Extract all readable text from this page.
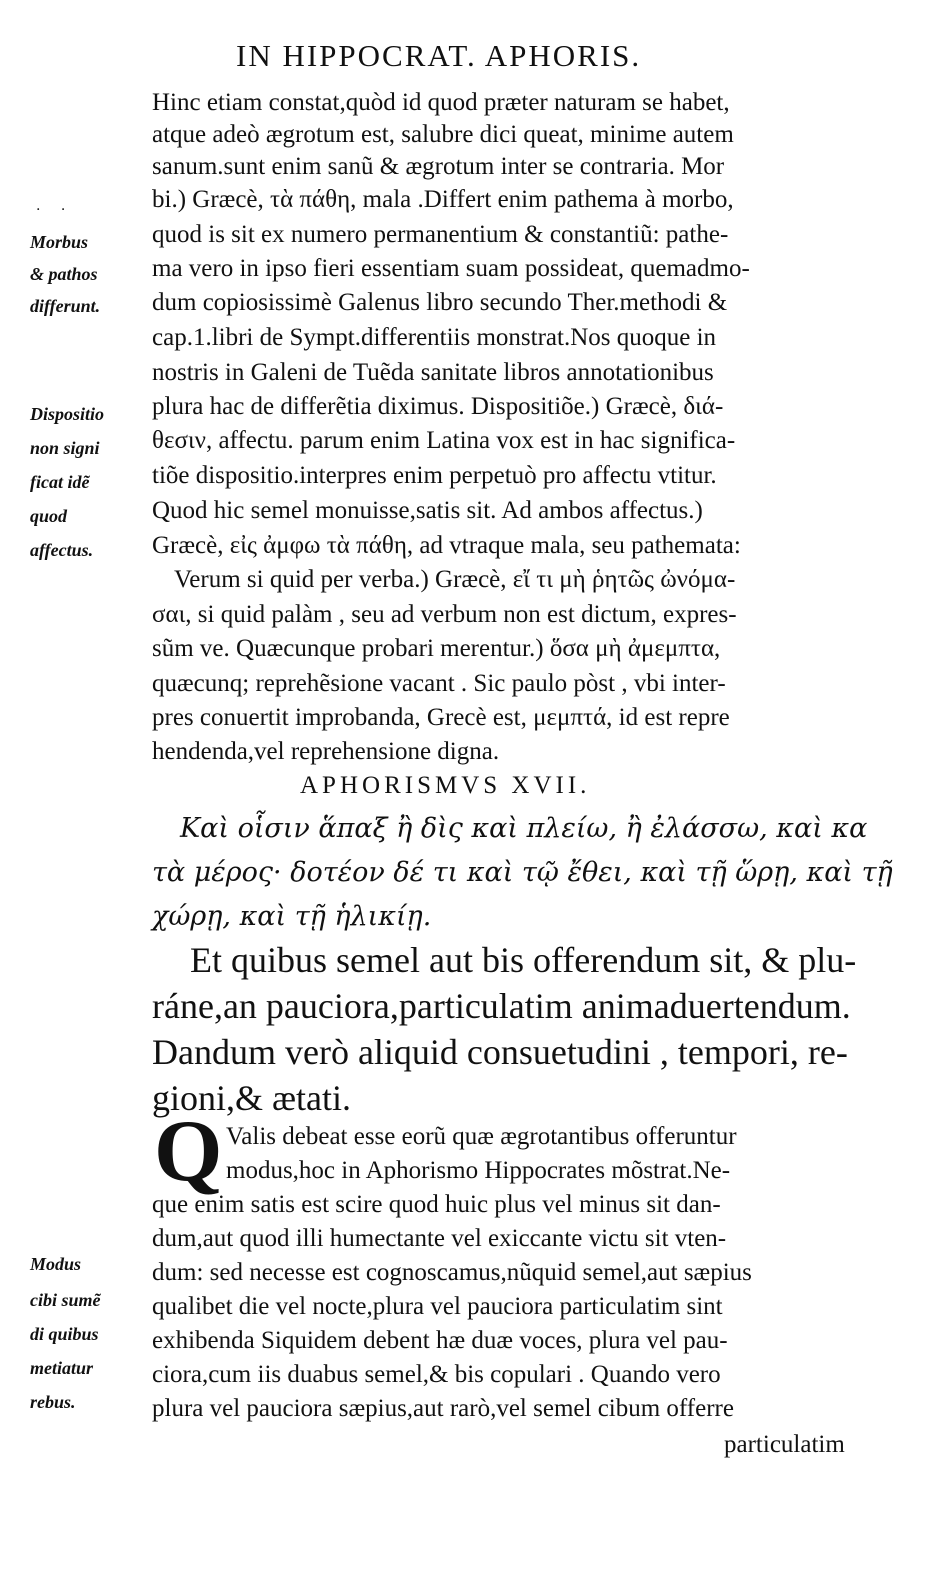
IN HIPPOCRAT. APHORIS.
. .
Hinc etiam constat,quòd id quod præter naturam se habet,
atque adeò ægrotum est, salubre dici queat, minime autem
sanum.sunt enim sanũ & ægrotum inter se contraria. Mor
bi.) Græcè, τὰ πάθη, mala .Differt enim pathema à morbo,
quod is sit ex numero permanentium & constantiũ: pathe-
ma vero in ipso fieri essentiam suam possideat, quemadmo-
dum copiosissimè Galenus libro secundo Ther.methodi &
cap.1.libri de Sympt.differentiis monstrat.Nos quoque in
nostris in Galeni de Tuẽda sanitate libros annotationibus
plura hac de differẽtia diximus. Dispositiõe.) Græcè, διά-
θεσιν, affectu. parum enim Latina vox est in hac significa-
tiõe dispositio.interpres enim perpetuò pro affectu vtitur.
Quod hic semel monuisse,satis sit. Ad ambos affectus.)
Græcè, εἰς ἀμφω τὰ πάθη, ad vtraque mala, seu pathemata:
Verum si quid per verba.) Græcè, εἴ τι μὴ ῥητῶς ὠνόμα-
σαι, si quid palàm , seu ad verbum non est dictum, expres-
sũm ve. Quæcunque probari merentur.) ὅσα μὴ ἀμεμπτα,
quæcunq; reprehẽsione vacant . Sic paulo pòst , vbi inter-
pres conuertit improbanda, Grecè est, μεμπτά, id est repre
hendenda,vel reprehensione digna.
Morbus
& pathos
differunt.
Dispositio
non signi
ficat idẽ
quod
affectus.
APHORISMVS XVII.
Καὶ οἷσιν ἅπαξ ἢ δὶς καὶ πλείω, ἢ ἐλάσσω, καὶ κα
τὰ μέρος· δοτέον δέ τι καὶ τῷ ἔθει, καὶ τῇ ὥρῃ, καὶ τῇ
χώρῃ, καὶ τῇ ἡλικίῃ.
Et quibus semel aut bis offerendum sit, & plu-
ráne,an pauciora,particulatim animaduertendum.
Dandum verò aliquid consuetudini , tempori, re-
gioni,& ætati.
Q Valis debeat esse eorũ quæ ægrotantibus offeruntur
modus,hoc in Aphorismo Hippocrates mõstrat.Ne-
que enim satis est scire quod huic plus vel minus sit dan-
dum,aut quod illi humectante vel exiccante victu sit vten-
dum: sed necesse est cognoscamus,nũquid semel,aut sæpius
qualibet die vel nocte,plura vel pauciora particulatim sint
exhibenda Siquidem debent hæ duæ voces, plura vel pau-
ciora,cum iis duabus semel,& bis copulari . Quando vero
plura vel pauciora sæpius,aut rarò,vel semel cibum offerre
particulatim
Modus
cibi sumẽ
di quibus
metiatur
rebus.
